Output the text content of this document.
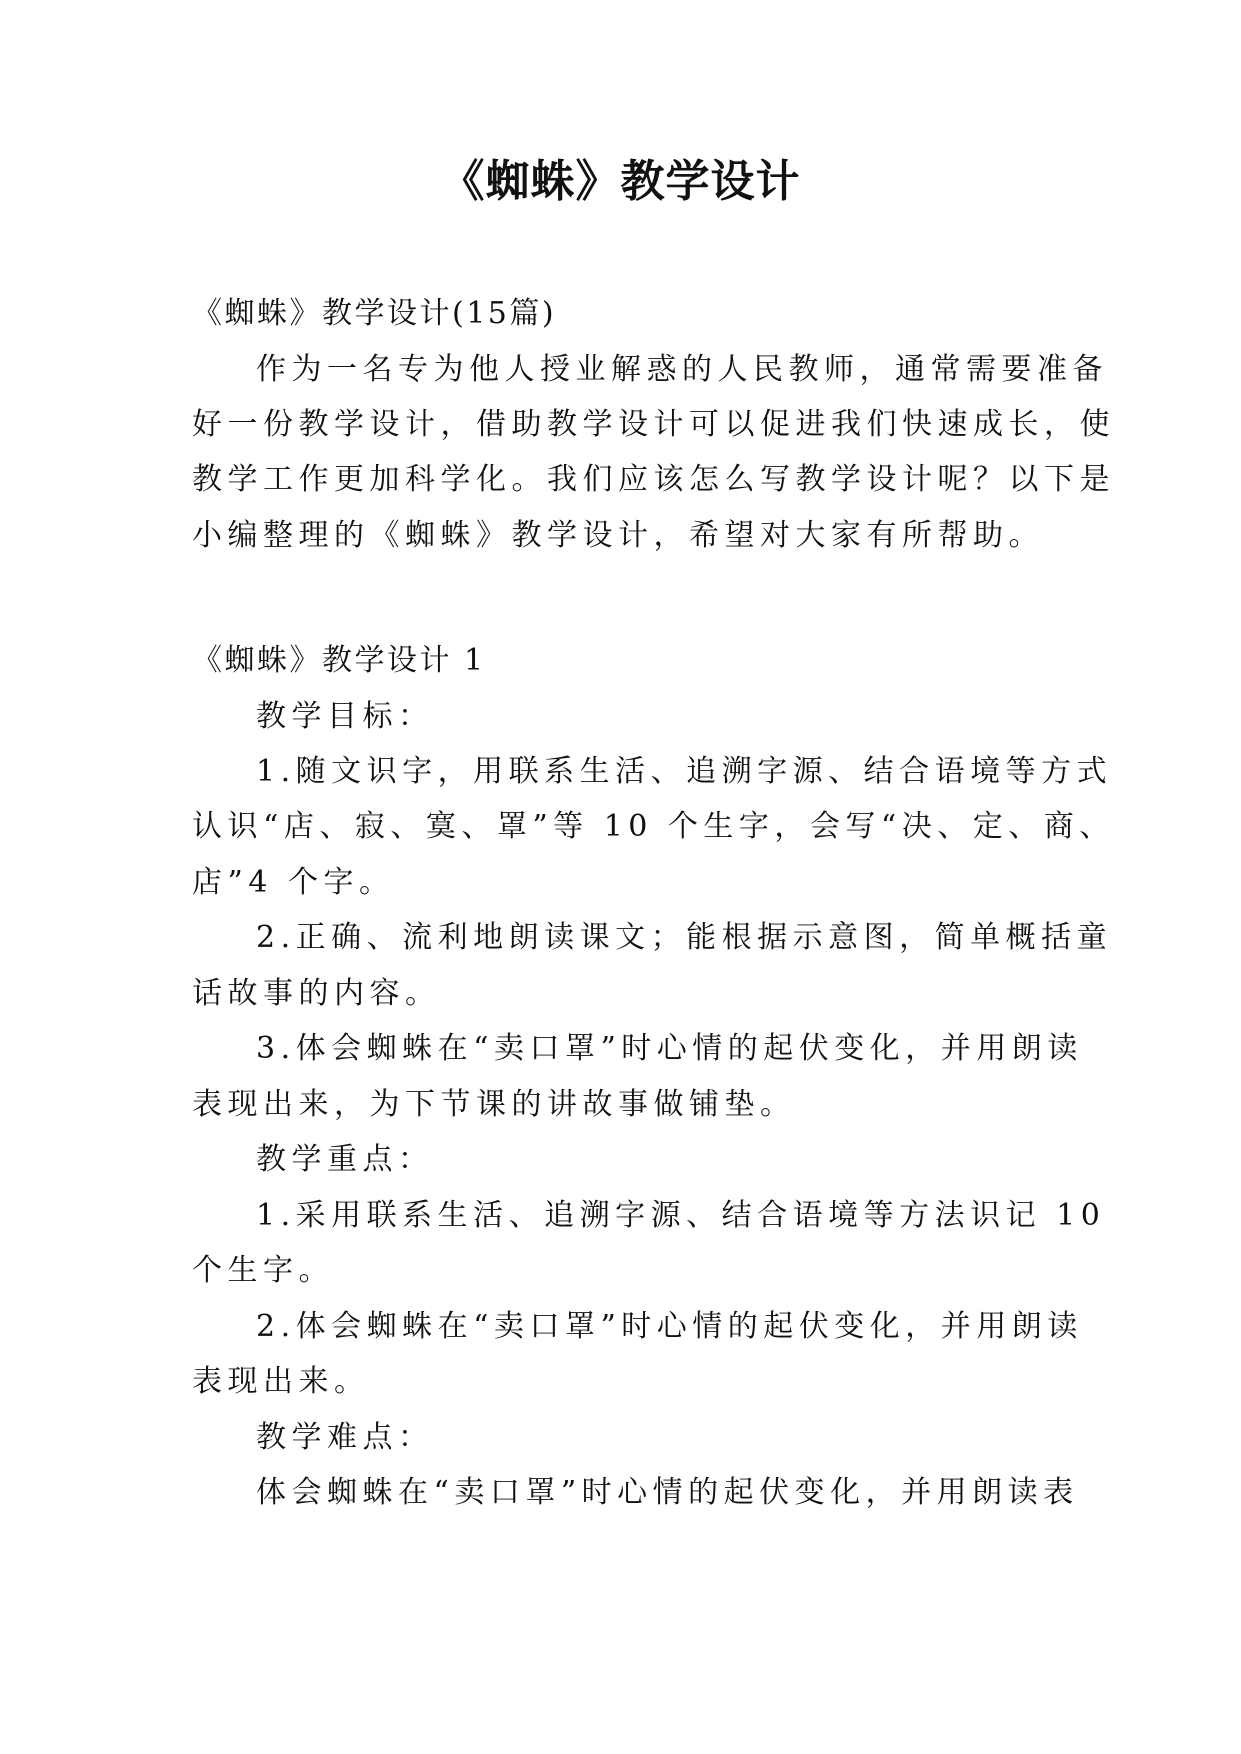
《蜘蛛》教学设计
《蜘蛛》教学设计(15篇)
作为一名专为他人授业解惑的人民教师，通常需要准备
好一份教学设计，借助教学设计可以促进我们快速成长，使
教学工作更加科学化。我们应该怎么写教学设计呢？以下是
小编整理的《蜘蛛》教学设计，希望对大家有所帮助。
《蜘蛛》教学设计 1
教学目标：
1.随文识字，用联系生活、追溯字源、结合语境等方式
认识“店、寂、寞、罩”等 10 个生字，会写“决、定、商、
店”4 个字。
2.正确、流利地朗读课文；能根据示意图，简单概括童
话故事的内容。
3.体会蜘蛛在“卖口罩”时心情的起伏变化，并用朗读
表现出来，为下节课的讲故事做铺垫。
教学重点：
1.采用联系生活、追溯字源、结合语境等方法识记 10
个生字。
2.体会蜘蛛在“卖口罩”时心情的起伏变化，并用朗读
表现出来。
教学难点：
体会蜘蛛在“卖口罩”时心情的起伏变化，并用朗读表
